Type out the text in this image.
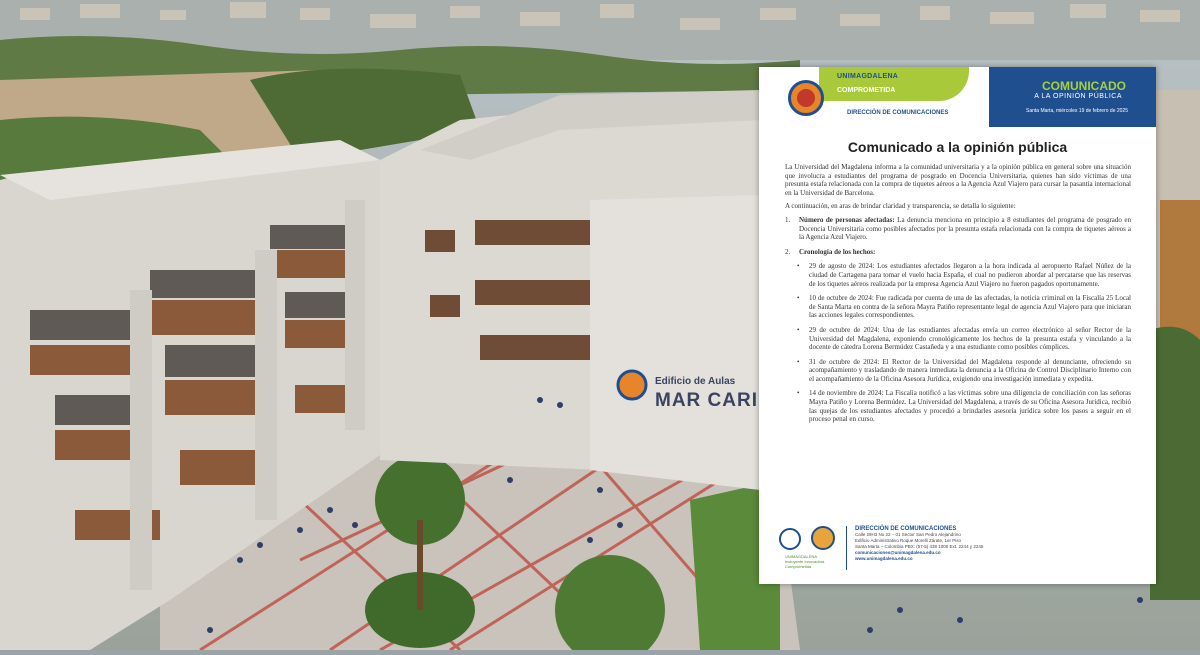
Edificio de Aulas
MAR CARI
UNIMAGDALENA
COMPROMETIDA
DIRECCIÓN DE COMUNICACIONES
COMUNICADO
A LA OPINIÓN PÚBLICA
Santa Marta, miércoles 19 de febrero de 2025
Comunicado a la opinión pública

La Universidad del Magdalena informa a la comunidad universitaria y a la opinión pública en general sobre una situación que involucra a estudiantes del programa de posgrado en Docencia Universitaria, quienes han sido víctimas de una presunta estafa relacionada con la compra de tiquetes aéreos a la Agencia Azul Viajero para cursar la pasantía internacional en la Universidad de Barcelona.

A continuación, en aras de brindar claridad y transparencia, se detalla lo siguiente:

1.	Número de personas afectadas: La denuncia menciona en principio a 8 estudiantes del programa de posgrado en Docencia Universitaria como posibles afectados por la presunta estafa relacionada con la compra de tiquetes aéreos a la Agencia Azul Viajero.
2.	Cronología de los hechos:
•	29 de agosto de 2024: Los estudiantes afectados llegaron a la hora indicada al aeropuerto Rafael Núñez de la ciudad de Cartagena para tomar el vuelo hacia España, el cual no pudieron abordar al percatarse que las reservas de los tiquetes aéreos realizada por la empresa Agencia Azul Viajero no fueron pagados oportunamente.
•	10 de octubre de 2024: Fue radicada por cuenta de una de las afectadas, la noticia criminal en la Fiscalía 25 Local de Santa Marta en contra de la señora Mayra Patiño representante legal de agencia Azul Viajero para que iniciaran las acciones legales correspondientes.
•	29 de octubre de 2024: Una de las estudiantes afectadas envía un correo electrónico al señor Rector de la Universidad del Magdalena, exponiendo cronológicamente los hechos de la presunta estafa y vinculando a la docente de cátedra Lorena Bermúdez Castañeda y a una estudiante como posibles cómplices.
•	31 de octubre de 2024: El Rector de la Universidad del Magdalena responde al denunciante, ofreciendo su acompañamiento y trasladando de manera inmediata la denuncia a la Oficina de Control Disciplinario Interno con el acompañamiento de la Oficina Asesora Jurídica, exigiendo una investigación inmediata y expedita.
•	14 de noviembre de 2024: La Fiscalía notificó a las víctimas sobre una diligencia de conciliación con las señoras Mayra Patiño y Lorena Bermúdez. La Universidad del Magdalena, a través de su Oficina Asesora Jurídica, recibió las quejas de los estudiantes afectados y procedió a brindarles asesoría jurídica sobre los pasos a seguir en el proceso penal en curso.
UNIMAGDALENA Incluyente Innovadora Comprometida
DIRECCIÓN DE COMUNICACIONES
Calle 29H3 No 22 – 01 Sector San Pedro Alejandrino
Edificio Administrativo Roque Morelli Zárate, 1er Piso
Santa Marta – Colombia PBX: (57-5) 438 1000 Ext. 2244 y 2245
comunicaciones@unimagdalena.edu.co
www.unimagdalena.edu.co
